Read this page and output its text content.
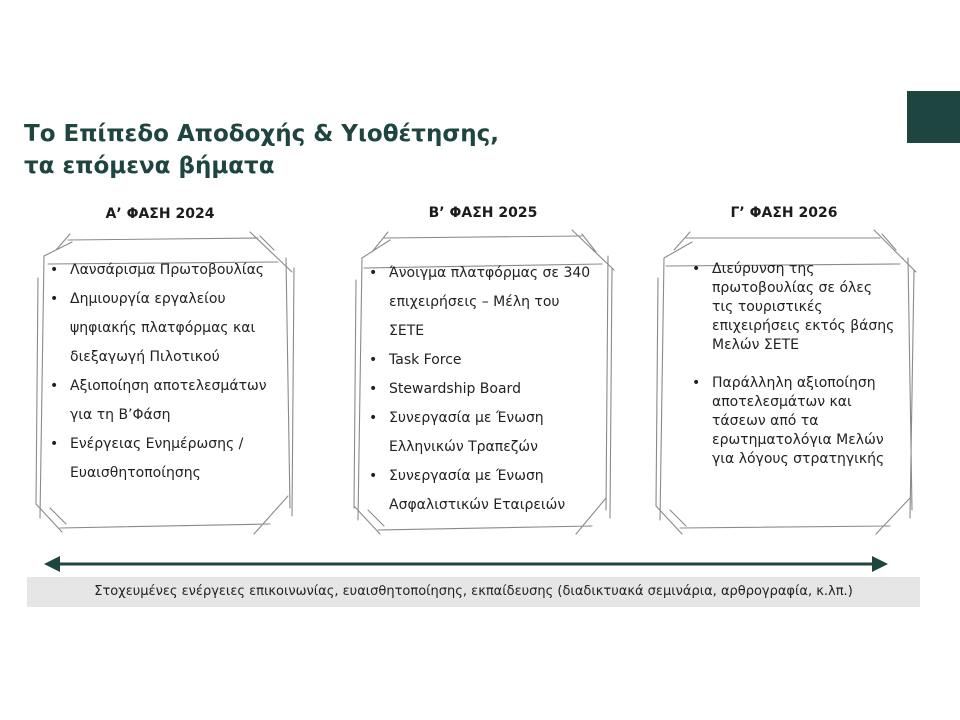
Το Επίπεδο Αποδοχής & Υιοθέτησης,
τα επόμενα βήματα
Α’ ΦΑΣΗ 2024	Β’ ΦΑΣΗ 2025	Γ’ ΦΑΣΗ 2026
• Λανσάρισμα Πρωτοβουλίας
• Δημιουργία εργαλείου ψηφιακής πλατφόρμας και διεξαγωγή Πιλοτικού
• Αξιοποίηση αποτελεσμάτων για τη Β’Φάση
• Ενέργειας Ενημέρωσης / Ευαισθητοποίησης
• Άνοιγμα πλατφόρμας σε 340 επιχειρήσεις – Μέλη του ΣΕΤΕ
• Task Force
• Stewardship Board
• Συνεργασία με Ένωση Ελληνικών Τραπεζών
• Συνεργασία με Ένωση Ασφαλιστικών Εταιρειών
• Διεύρυνση της πρωτοβουλίας σε όλες τις τουριστικές επιχειρήσεις εκτός βάσης Μελών ΣΕΤΕ
• Παράλληλη αξιοποίηση αποτελεσμάτων και τάσεων από τα ερωτηματολόγια Μελών για λόγους στρατηγικής
Στοχευμένες ενέργειες επικοινωνίας, ευαισθητοποίησης, εκπαίδευσης (διαδικτυακά σεμινάρια, αρθρογραφία, κ.λπ.)
